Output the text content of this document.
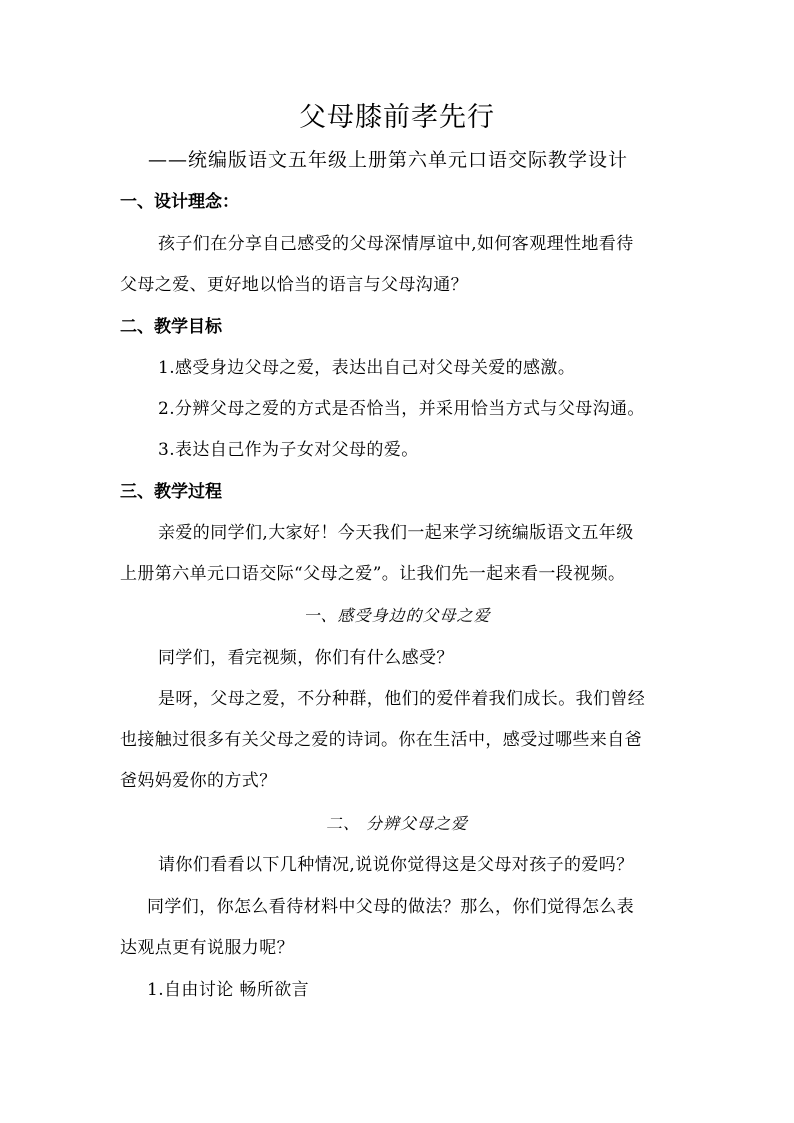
父母膝前孝先行
——统编版语文五年级上册第六单元口语交际教学设计
一、设计理念：
孩子们在分享自己感受的父母深情厚谊中,如何客观理性地看待
父母之爱、更好地以恰当的语言与父母沟通？
二、教学目标
1.感受身边父母之爱，表达出自己对父母关爱的感激。
2.分辨父母之爱的方式是否恰当，并采用恰当方式与父母沟通。
3.表达自己作为子女对父母的爱。
三、教学过程
亲爱的同学们,大家好！今天我们一起来学习统编版语文五年级
上册第六单元口语交际“父母之爱”。让我们先一起来看一段视频。
一、感受身边的父母之爱
同学们，看完视频，你们有什么感受？
是呀，父母之爱，不分种群，他们的爱伴着我们成长。我们曾经
也接触过很多有关父母之爱的诗词。你在生活中，感受过哪些来自爸
爸妈妈爱你的方式？
二、 分辨父母之爱
请你们看看以下几种情况,说说你觉得这是父母对孩子的爱吗？
同学们，你怎么看待材料中父母的做法？那么，你们觉得怎么表
达观点更有说服力呢？
1.自由讨论 畅所欲言
